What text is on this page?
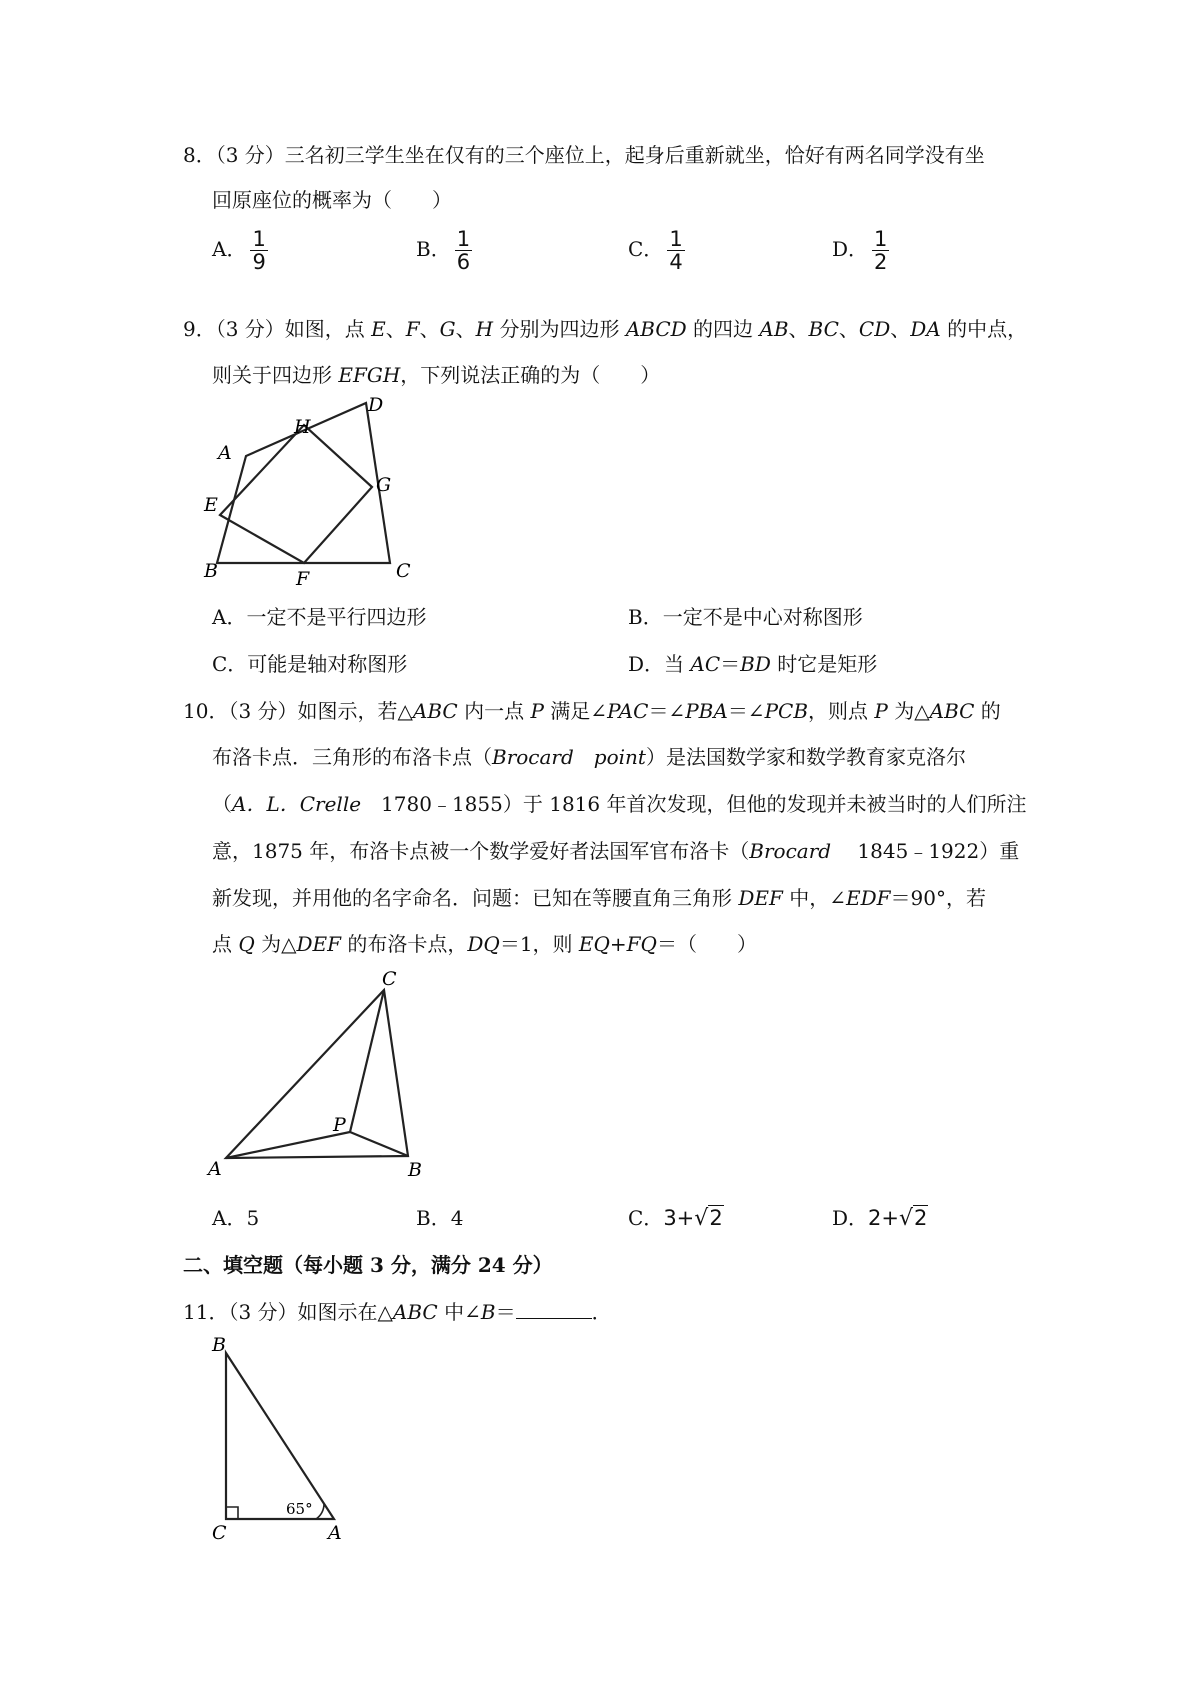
8．（3 分）三名初三学生坐在仅有的三个座位上，起身后重新就坐，恰好有两名同学没有坐
回原座位的概率为（　　）
A． $\frac{1}{9}$	B． $\frac{1}{6}$	C． $\frac{1}{4}$	D． $\frac{1}{2}$
9．（3 分）如图，点 E、F、G、H 分别为四边形 ABCD 的四边 AB、BC、CD、DA 的中点，
则关于四边形 EFGH，下列说法正确的为（　　）
A
B	C
D
E
F
G
H
A．一定不是平行四边形	B．一定不是中心对称图形
C．可能是轴对称图形	D．当 AC＝BD 时它是矩形
10．（3 分）如图示，若△ABC 内一点 P 满足∠PAC＝∠PBA＝∠PCB，则点 P 为△ABC 的
布洛卡点．三角形的布洛卡点（Brocard　point）是法国数学家和数学教育家克洛尔
（A．L．Crelle　1780﹣1855）于 1816 年首次发现，但他的发现并未被当时的人们所注
意，1875 年，布洛卡点被一个数学爱好者法国军官布洛卡（Brocard　 1845﹣1922）重
新发现，并用他的名字命名．问题：已知在等腰直角三角形 DEF 中，∠EDF＝90°，若
点 Q 为△DEF 的布洛卡点，DQ＝1，则 EQ+FQ＝（　　）
A	B
C
P
A．5	B．4	C．3+√2	D．2+√2
二、填空题（每小题 3 分，满分 24 分）
11．（3 分）如图示在△ABC 中∠B＝	．
B
C	A
65°
